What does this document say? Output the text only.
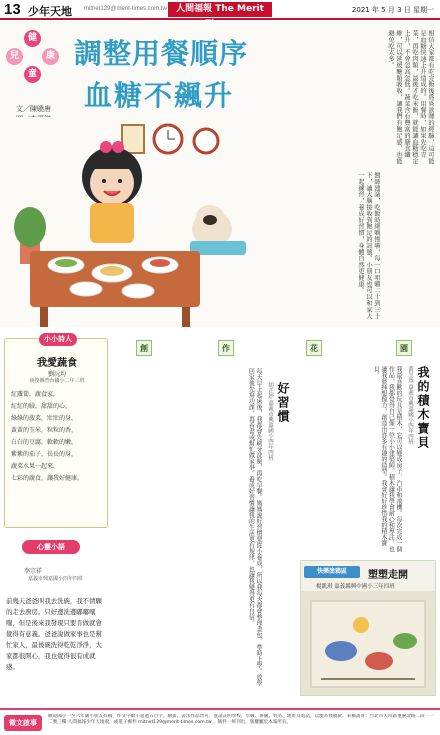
13 少年天地 mitnet129@merit-times.com.tw	人間福報 The Merit	2021 年 5 月 3 日 星期一
健
康
兒
童
調整用餐順序
血糖不飆升
文／陳曉唐	相信大家都有吃完飯後昏昏欲睡的經驗，這可能是血糖快速上升造成的。用餐時，如果先吃青菜，再吃肉類，最後才吃米飯，就能讓血糖穩定上升，不會忽高忽低。蔬菜含有豐富的膳食纖維，可以延緩醣類吸收，讓我們有飽足感，也能避免吃太多。
醫師建議，吃飯時細嚼慢嚥，每一口咀嚼二十到三十下，讓大腦接收到飽足的訊號。小朋友也可以和家人一起練習，養成好習慣，身體自然更健康。
小小詩人
我愛蔬食
劉沅均
南投縣普台國小二年三班
紅蘿蔔，蔬食家，
紅紅的臉，甜甜的心，
綠綠的菠菜，壯壯的身，
黃黃的玉米，粒粒的香，
白白的豆腐，軟軟的嫩，
紫紫的茄子，長長的身，
蔬菜水果一起來，
七彩的蔬食，讓我好健康。
心靈小語
李宗祥
嘉義市興嘉國小四年四班
前幾天爸爸叫我去洗碗，我不情願的走去廚房。只好邊洗邊嘟嘟囔囔，但是後來我發現只要肯做就會覺得有意義。爸爸說做家事也是幫忙家人，最後碗洗得乾乾淨淨，大家都很開心，我也覺得很有成就感。
創	作	花	園
我的積木寶貝
黃昱熹 嘉義市興嘉國小四年四班
我最喜歡的玩具是積木，它可以變成房子、汽車和飛機。每次完成一個作品，我都覺得自己像一位小小建築師。積木讓我學會耐心和專注，也讓我發揮想像力，創造出許多有趣的造型。我會好好珍惜我的積木寶貝。
好習慣
胡芷妤 嘉義市興嘉國小四年四班
每天早上起床後，我都會先刷牙洗臉，再吃早餐。媽媽說好習慣要從小養成，所以我每天都會整理書包、準時上學。放學回家後先寫功課，再看書或幫忙做家事。養成好習慣讓我的生活更有規律，也讓我變得更有自信。	快樂塗鴉區	塑塑走開
楊凱琪 嘉義縣興中國小三年四班
徵文啟事
歡迎國小一至六年級小朋友投稿，作文字數不超過五百字，繪畫、書法作品皆可，並請註明學校、年級、班級、姓名、地址及電話，以便寄發稿費。來稿請寄：台北市大同區重慶北路二段一一二號三樓 人間福報少年天地收，或電子郵件 mitnet129@merit-times.com.tw 。稿件一經刊出，版權屬於本報所有。
